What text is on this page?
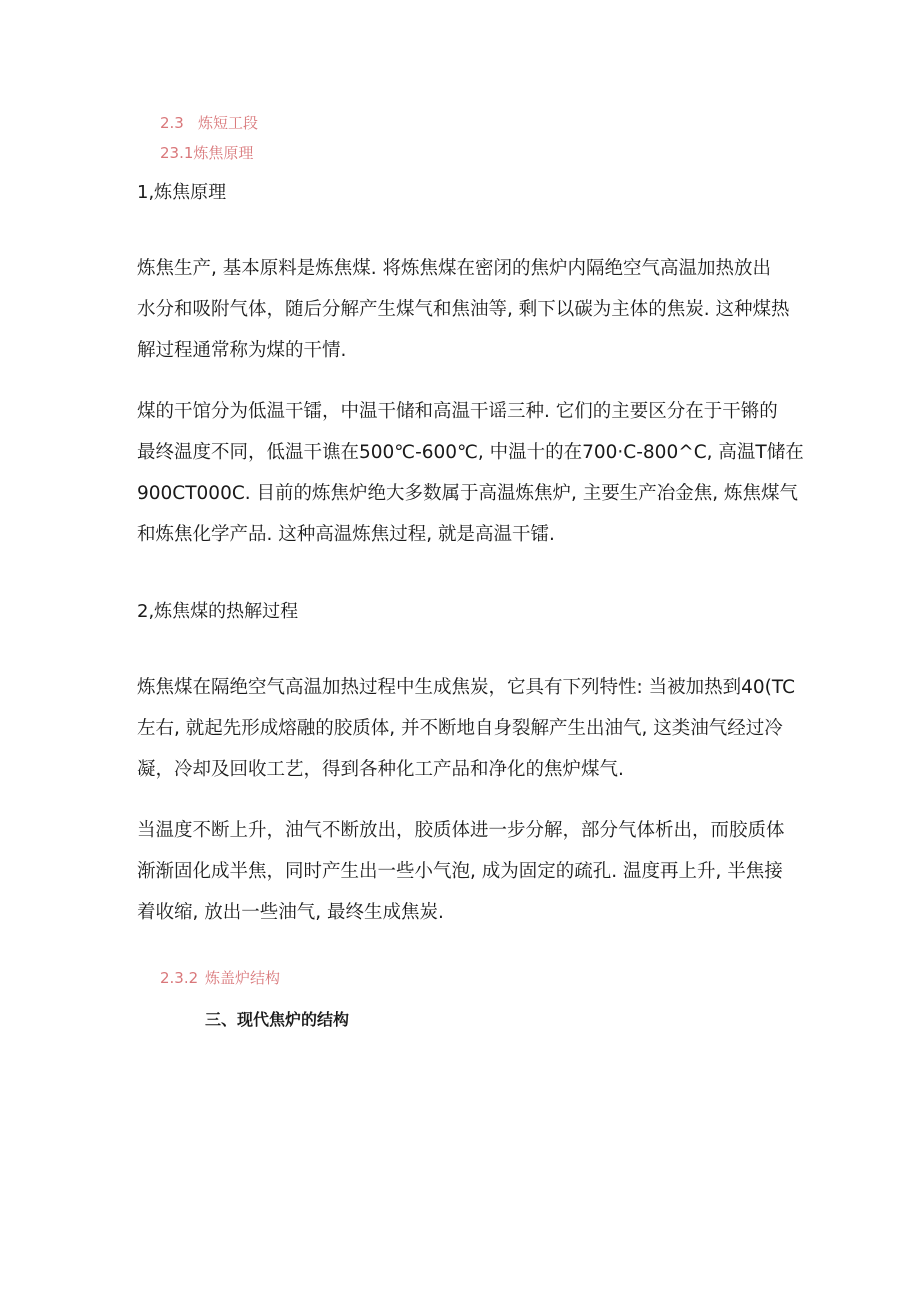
2.3 炼短工段
23.1炼焦原理
1,炼焦原理
炼焦生产, 基本原料是炼焦煤. 将炼焦煤在密闭的焦炉内隔绝空气高温加热放出
水分和吸附气体，随后分解产生煤气和焦油等, 剩下以碳为主体的焦炭. 这种煤热
解过程通常称为煤的干情.
煤的干馆分为低温干镭，中温干储和高温干谣三种. 它们的主要区分在于干锵的
最终温度不同，低温干谯在500℃-600℃, 中温十的在700·C-800^C, 高温T储在
900CT000C. 目前的炼焦炉绝大多数属于高温炼焦炉, 主要生产冶金焦, 炼焦煤气
和炼焦化学产品. 这种高温炼焦过程, 就是高温干镭.
2,炼焦煤的热解过程
炼焦煤在隔绝空气高温加热过程中生成焦炭，它具有下列特性: 当被加热到40(TC
左右, 就起先形成熔融的胶质体, 并不断地自身裂解产生出油气, 这类油气经过冷
凝，冷却及回收工艺，得到各种化工产品和净化的焦炉煤气.
当温度不断上升，油气不断放出，胶质体进一步分解，部分气体析出，而胶质体
渐渐固化成半焦，同时产生出一些小气泡, 成为固定的疏孔. 温度再上升, 半焦接
着收缩, 放出一些油气, 最终生成焦炭.
2.3.2 炼盖炉结构
三、现代焦炉的结构
